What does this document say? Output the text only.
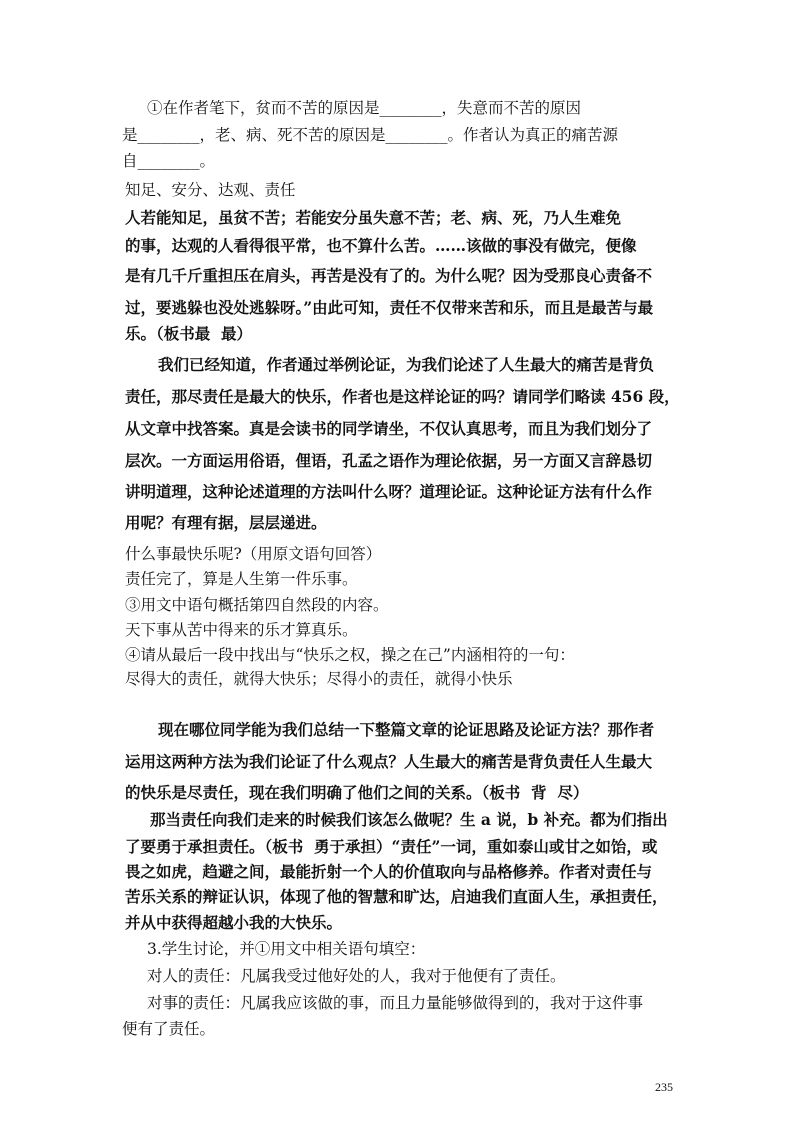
①在作者笔下，贫而不苦的原因是________，失意而不苦的原因
是________，老、病、死不苦的原因是________。作者认为真正的痛苦源
自________。
知足、安分、达观、责任
人若能知足，虽贫不苦；若能安分虽失意不苦；老、病、死，乃人生难免
的事，达观的人看得很平常，也不算什么苦。……该做的事没有做完，便像
是有几千斤重担压在肩头，再苦是没有了的。为什么呢？因为受那良心责备不
过，要逃躲也没处逃躲呀。”由此可知，责任不仅带来苦和乐，而且是最苦与最
乐。（板书最  最）
我们已经知道，作者通过举例论证，为我们论述了人生最大的痛苦是背负
责任，那尽责任是最大的快乐，作者也是这样论证的吗？请同学们略读 456 段，
从文章中找答案。真是会读书的同学请坐，不仅认真思考，而且为我们划分了
层次。一方面运用俗语，俚语，孔孟之语作为理论依据，另一方面又言辞恳切
讲明道理，这种论述道理的方法叫什么呀？道理论证。这种论证方法有什么作
用呢？有理有据，层层递进。
什么事最快乐呢?（用原文语句回答）
责任完了，算是人生第一件乐事。
③用文中语句概括第四自然段的内容。
天下事从苦中得来的乐才算真乐。
④请从最后一段中找出与“快乐之权，操之在己”内涵相符的一句：
尽得大的责任，就得大快乐；尽得小的责任，就得小快乐
现在哪位同学能为我们总结一下整篇文章的论证思路及论证方法？那作者
运用这两种方法为我们论证了什么观点？人生最大的痛苦是背负责任人生最大
的快乐是尽责任，现在我们明确了他们之间的关系。（板书  背  尽）
那当责任向我们走来的时候我们该怎么做呢？生 a 说，b 补充。都为们指出
了要勇于承担责任。（板书  勇于承担）“责任”一词，重如泰山或甘之如饴，或
畏之如虎，趋避之间，最能折射一个人的价值取向与品格修养。作者对责任与
苦乐关系的辩证认识，体现了他的智慧和旷达，启迪我们直面人生，承担责任，
并从中获得超越小我的大快乐。
3.学生讨论，并①用文中相关语句填空：
对人的责任：凡属我受过他好处的人，我对于他便有了责任。
对事的责任：凡属我应该做的事，而且力量能够做得到的，我对于这件事
便有了责任。
235
